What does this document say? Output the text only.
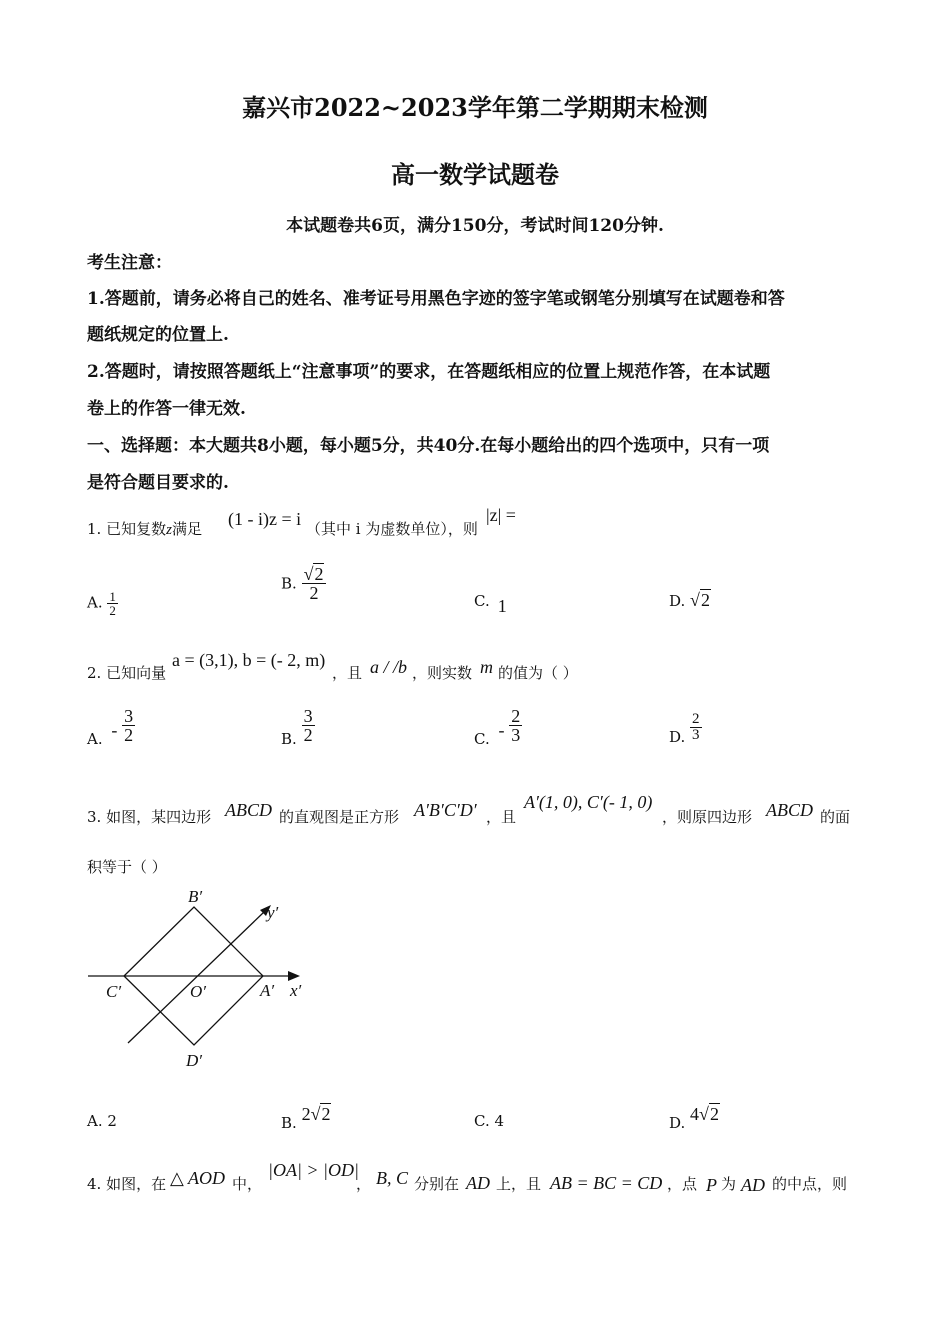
嘉兴市2022~2023学年第二学期期末检测
高一数学试题卷
本试题卷共6页，满分150分，考试时间120分钟.
考生注意：
1.答题前，请务必将自己的姓名、准考证号用黑色字迹的签字笔或钢笔分别填写在试题卷和答
题纸规定的位置上.
2.答题时，请按照答题纸上“注意事项”的要求，在答题纸相应的位置上规范作答，在本试题
卷上的作答一律无效.
一、选择题：本大题共8小题，每小题5分，共40分.在每小题给出的四个选项中，只有一项
是符合题目要求的.
1. 已知复数z满足 (1 - i)z = i （其中 i 为虚数单位），则
|z| =
A. $\frac{1}{2}$
B. $\frac{√2}{2}$	C. 1	D. √2
2. 已知向量
a = (3,1), b = (- 2, m)
，且 a / /b ，则实数 m 的值为（ ）
A. - $\frac{3}{2}$	B. $\frac{3}{2}$	C. - $\frac{2}{3}$	D. $\frac{2}{3}$
3. 如图，某四边形 ABCD 的直观图是正方形 A′B′C′D′ ，且
A′(1, 0), C′(- 1, 0)
，则原四边形 ABCD 的面
积等于（ ）
B′
C′	O′	A′
D′
x′
y′
A. 2	B. 2√2	C. 4	D. 4√2
4. 如图，在 △ AOD 中，
|OA| > |OD|
， B, C 分别在 AD 上，且 AB = BC = CD ，点 P 为 AD 的中点，则
